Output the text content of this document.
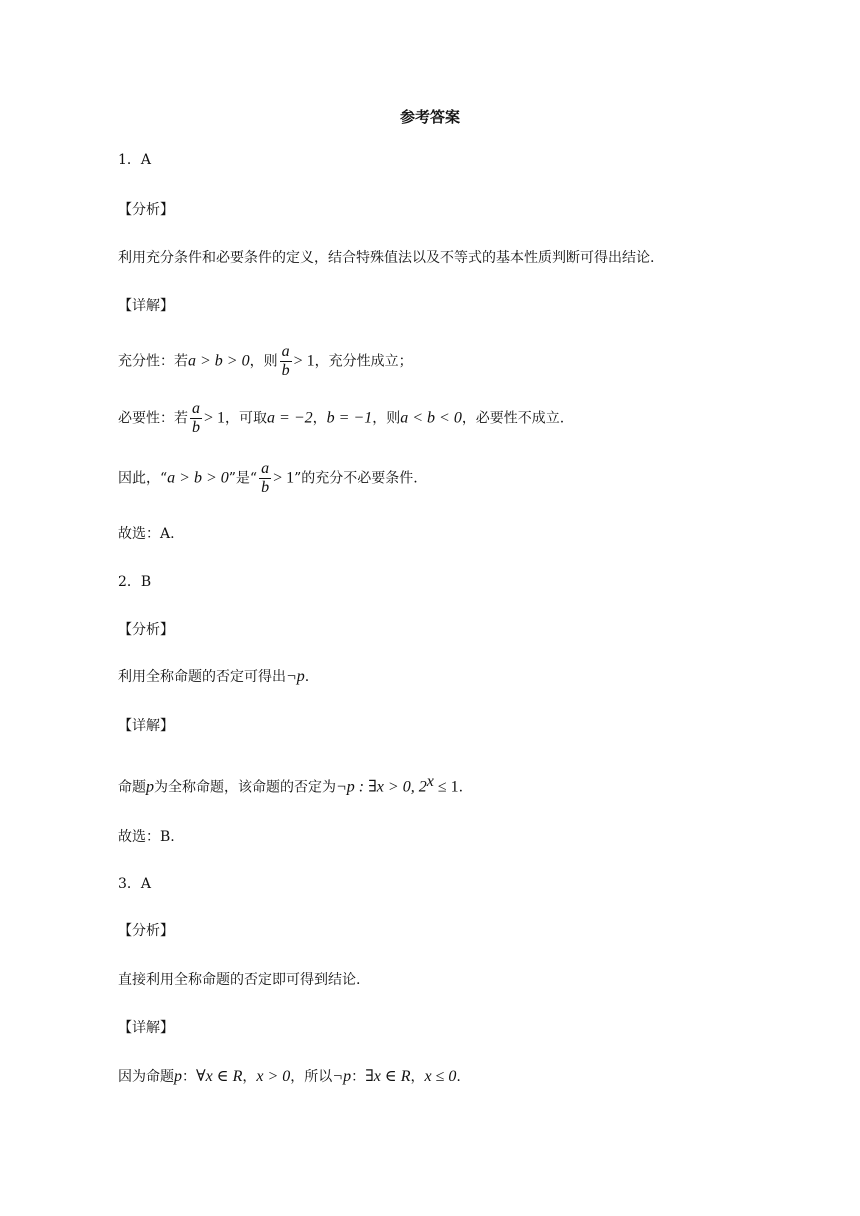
参考答案
1．A
【分析】
利用充分条件和必要条件的定义，结合特殊值法以及不等式的基本性质判断可得出结论.
【详解】
充分性：若a > b > 0，则 $\frac{a}{b} > 1$，充分性成立；
必要性：若 $\frac{a}{b} > 1$，可取a = −2，b = −1，则a < b < 0，必要性不成立.
因此，“a > b > 0”是“ $\frac{a}{b} > 1$”的充分不必要条件.
故选：A.
2．B
【分析】
利用全称命题的否定可得出¬p.
【详解】
命题p为全称命题，该命题的否定为¬p : ∃x > 0, $2^x \le 1$.
故选：B.
3．A
【分析】
直接利用全称命题的否定即可得到结论.
【详解】
因为命题p：∀x ∈ R，x > 0，所以¬p：∃x ∈ R，x ≤ 0.
